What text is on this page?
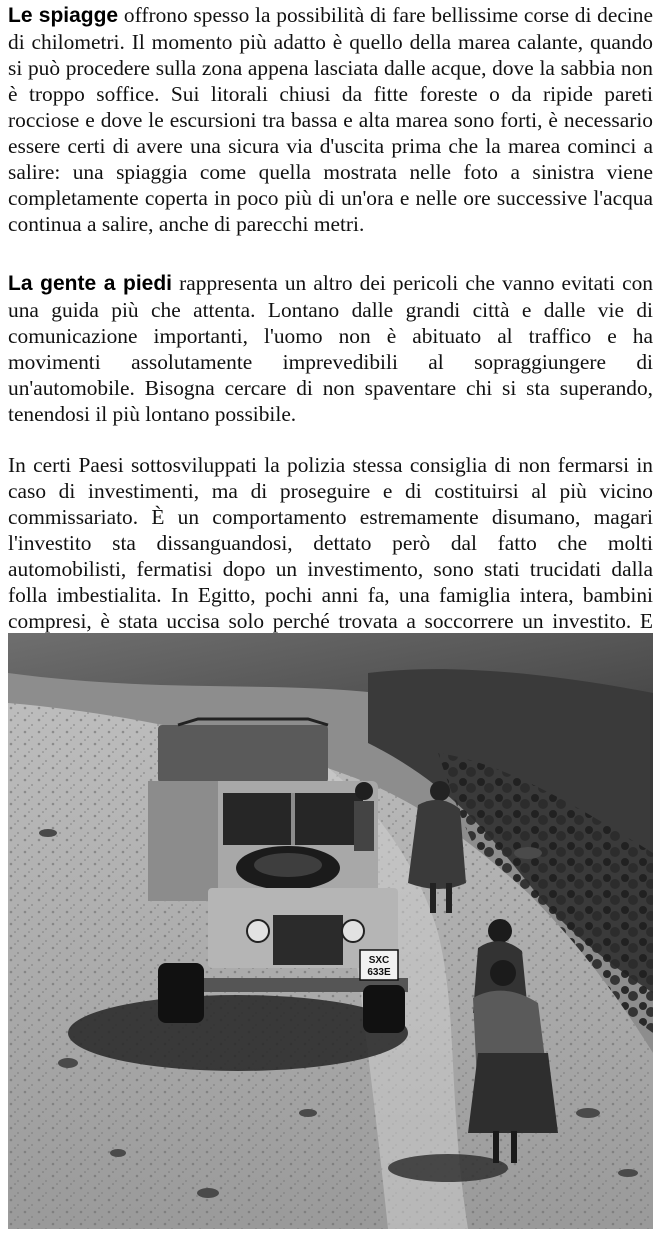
Le spiagge offrono spesso la possibilità di fare bellissime corse di decine di chilometri. Il momento più adatto è quello della marea calante, quando si può procedere sulla zona appena lasciata dalle acque, dove la sabbia non è troppo soffice. Sui litorali chiusi da fitte foreste o da ripide pareti rocciose e dove le escursioni tra bassa e alta marea sono forti, è necessario essere certi di avere una sicura via d'uscita prima che la marea cominci a salire: una spiaggia come quella mostrata nelle foto a sinistra viene completamente coperta in poco più di un'ora e nelle ore successive l'acqua continua a salire, anche di parecchi metri.

La gente a piedi rappresenta un altro dei pericoli che vanno evitati con una guida più che attenta. Lontano dalle grandi città e dalle vie di comunicazione importanti, l'uomo non è abituato al traffico e ha movimenti assolutamente imprevedibili al sopraggiungere di un'automobile. Bisogna cercare di non spaventare chi si sta superando, tenendosi il più lontano possibile.

In certi Paesi sottosviluppati la polizia stessa consiglia di non fermarsi in caso di investimenti, ma di proseguire e di costituirsi al più vicino commissariato. È un comportamento estremamente disumano, magari l'investito sta dissanguandosi, dettato però dal fatto che molti automobilisti, fermatisi dopo un investimento, sono stati trucidati dalla folla imbestialita. In Egitto, pochi anni fa, una famiglia intera, bambini compresi, è stata uccisa solo perché trovata a soccorrere un investito. E

SXC
633E
